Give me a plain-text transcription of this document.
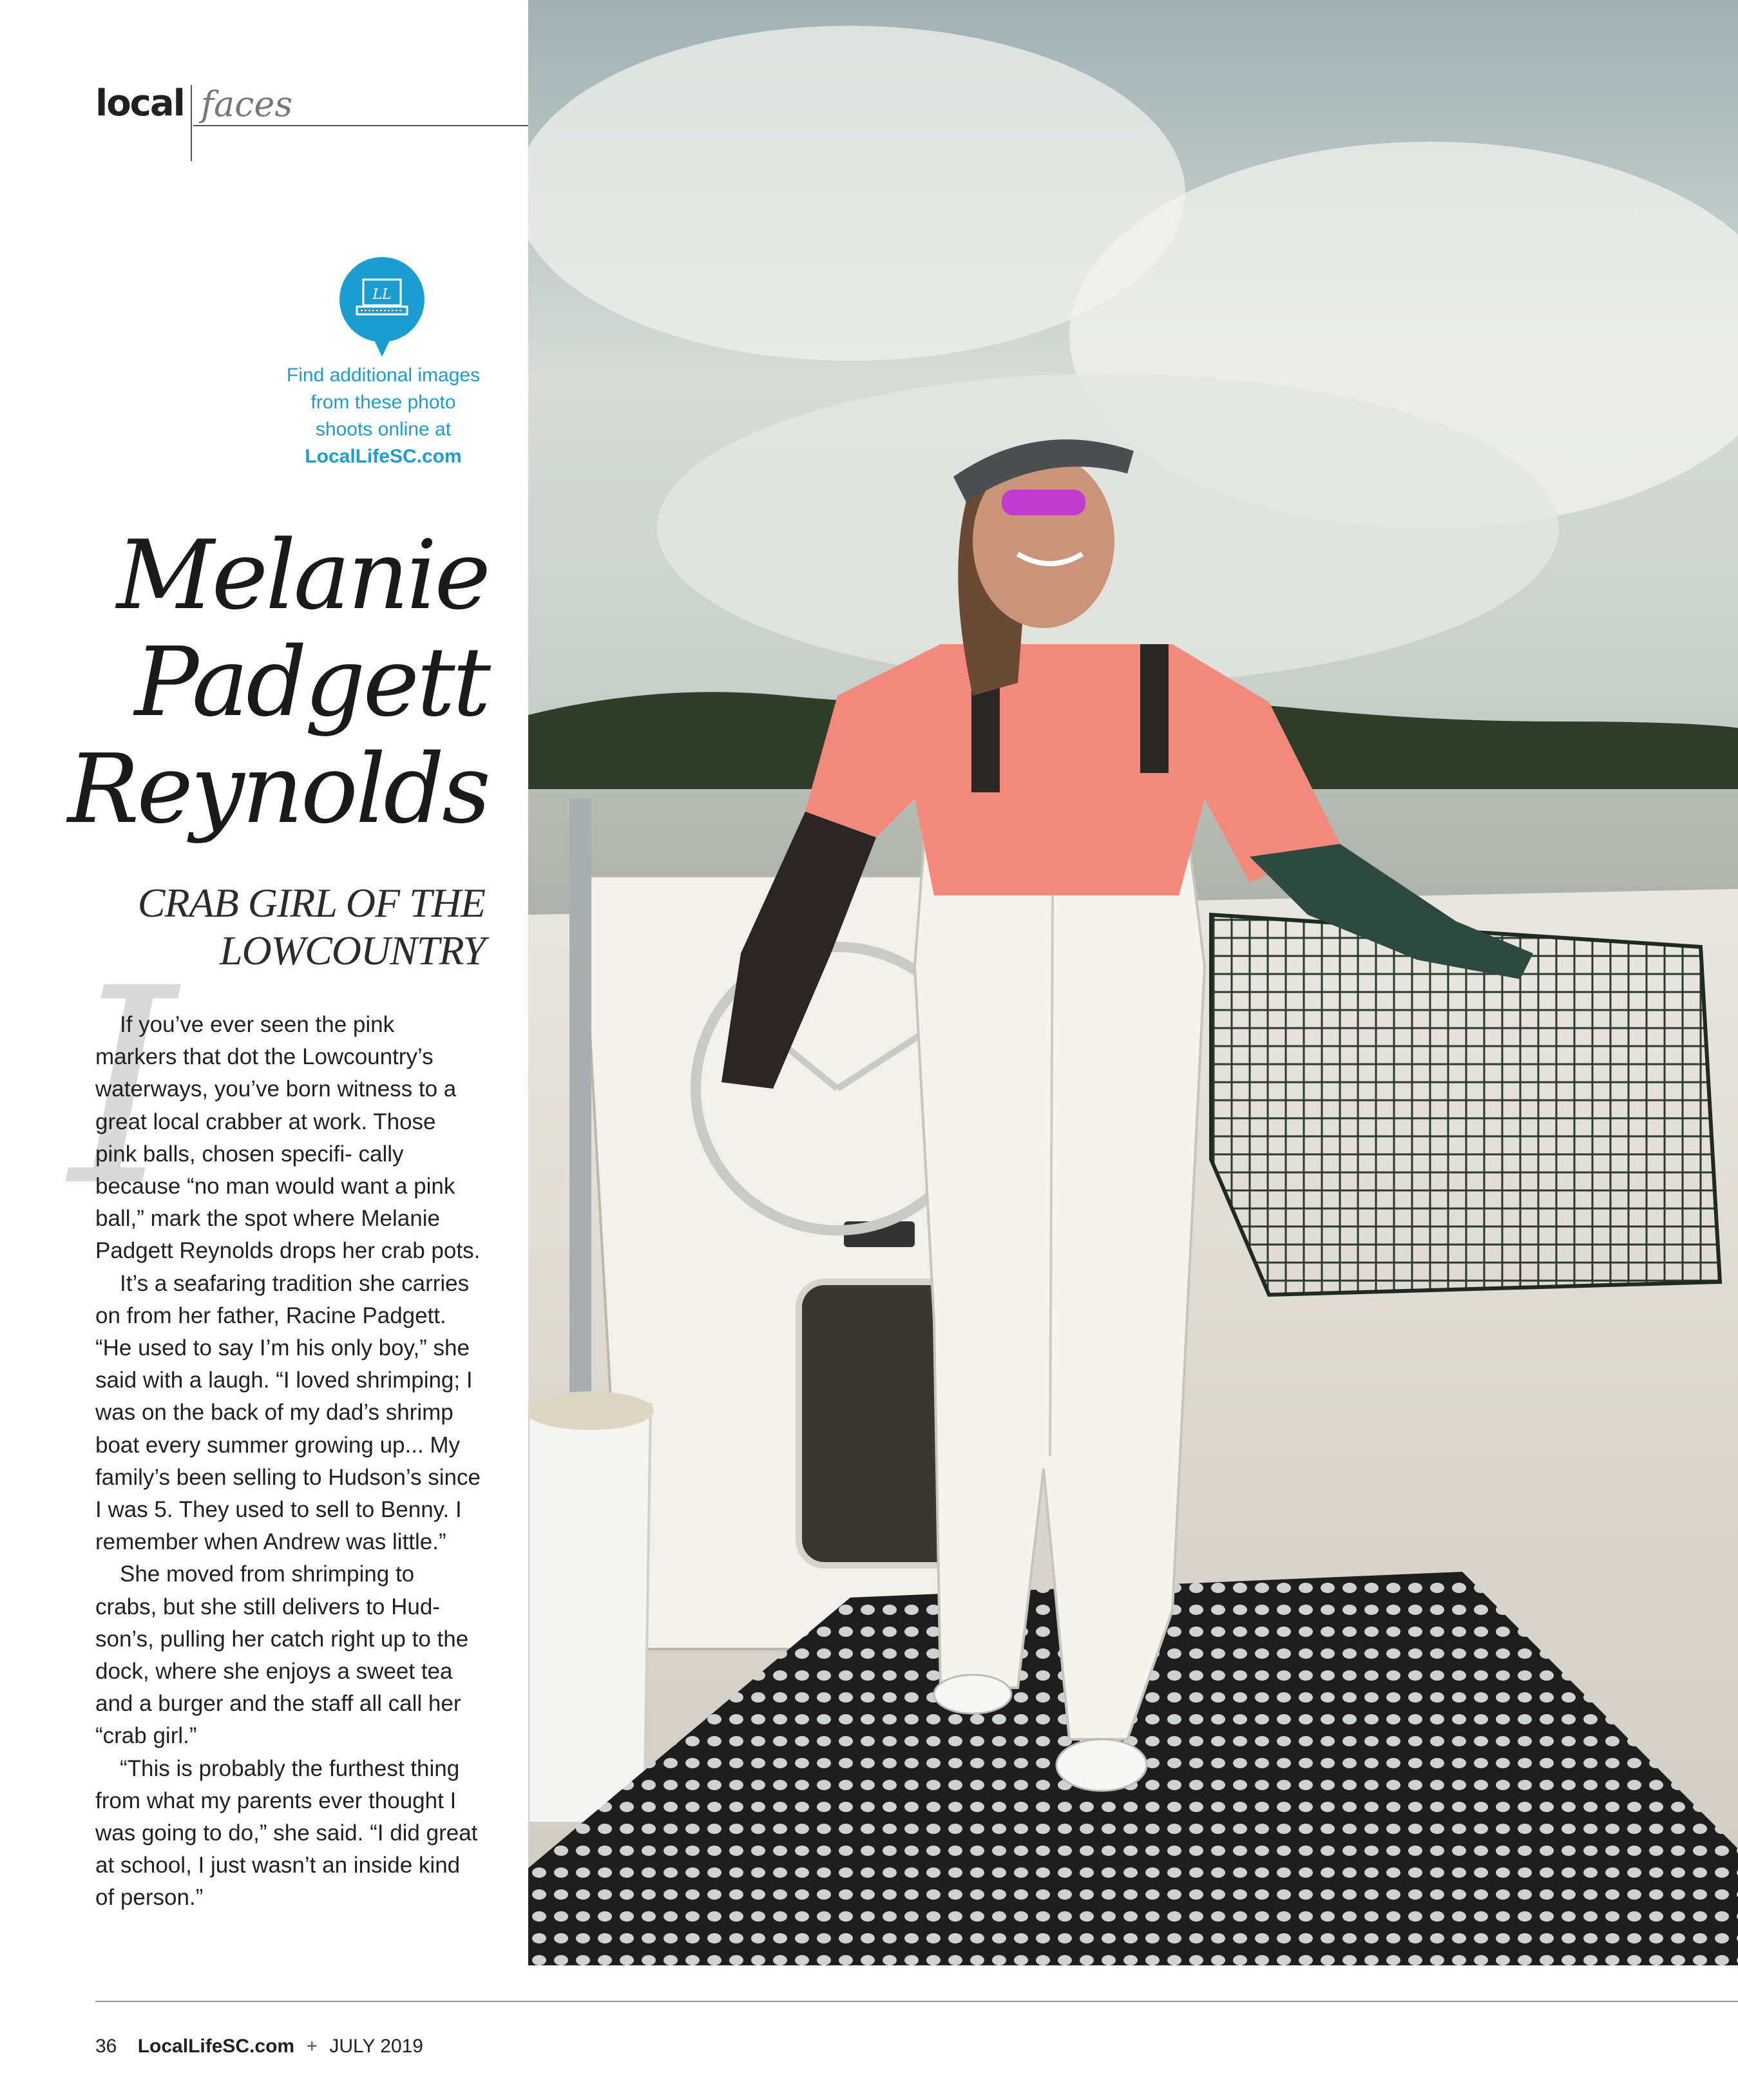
local faces
LL
Find additional images
from these photo
shoots online at
LocalLifeSC.com
Melanie
Padgett
Reynolds
CRAB GIRL OF THE
LOWCOUNTRY
I

If you’ve ever seen the pink markers that dot the Lowcountry’s waterways, you’ve born witness to a great local crabber at work. Those pink balls, chosen specifi- cally because “no man would want a pink ball,” mark the spot where Melanie Padgett Reynolds drops her crab pots.

It’s a seafaring tradition she carries on from her father, Racine Padgett. “He used to say I’m his only boy,” she said with a laugh. “I loved shrimping; I was on the back of my dad’s shrimp boat every summer growing up... My family’s been selling to Hudson’s since I was 5. They used to sell to Benny. I remember when Andrew was little.”

She moved from shrimping to crabs, but she still delivers to Hud- son’s, pulling her catch right up to the dock, where she enjoys a sweet tea and a burger and the staff all call her “crab girl.”

“This is probably the furthest thing from what my parents ever thought I was going to do,” she said. “I did great at school, I just wasn’t an inside kind of person.”

36 LocalLifeSC.com + JULY 2019
